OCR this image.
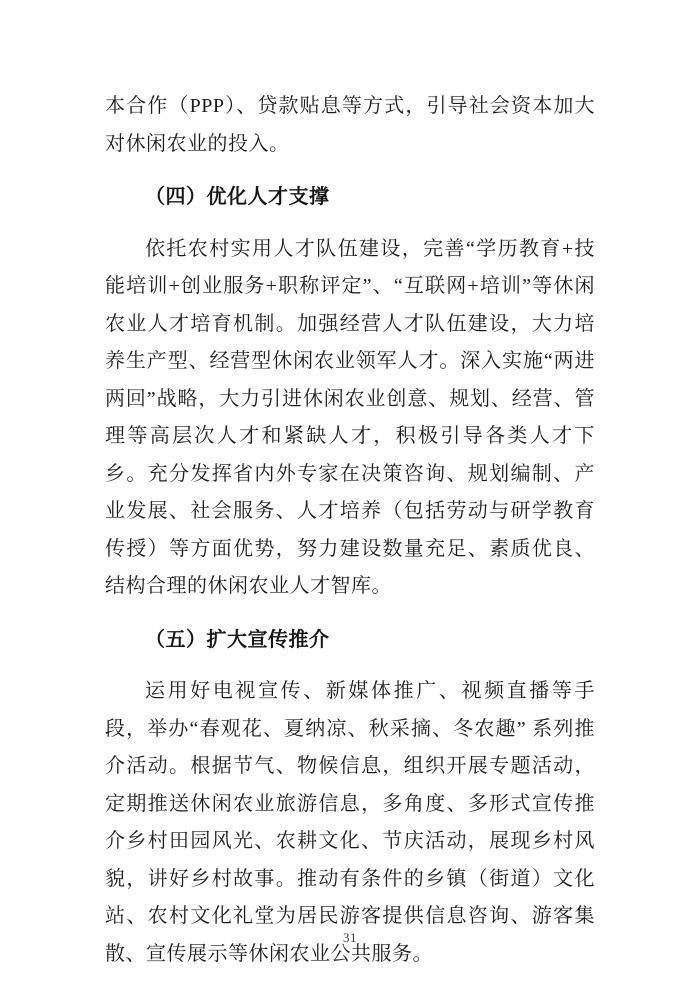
本合作（PPP）、贷款贴息等方式，引导社会资本加大对休闲农业的投入。

（四）优化人才支撑

依托农村实用人才队伍建设，完善“学历教育+技能培训+创业服务+职称评定”、“互联网+培训”等休闲农业人才培育机制。加强经营人才队伍建设，大力培养生产型、经营型休闲农业领军人才。深入实施“两进两回”战略，大力引进休闲农业创意、规划、经营、管理等高层次人才和紧缺人才，积极引导各类人才下乡。充分发挥省内外专家在决策咨询、规划编制、产业发展、社会服务、人才培养（包括劳动与研学教育传授）等方面优势，努力建设数量充足、素质优良、结构合理的休闲农业人才智库。

（五）扩大宣传推介

运用好电视宣传、新媒体推广、视频直播等手段，举办“春观花、夏纳凉、秋采摘、冬农趣” 系列推介活动。根据节气、物候信息，组织开展专题活动，定期推送休闲农业旅游信息，多角度、多形式宣传推介乡村田园风光、农耕文化、节庆活动，展现乡村风貌，讲好乡村故事。推动有条件的乡镇（街道）文化站、农村文化礼堂为居民游客提供信息咨询、游客集散、宣传展示等休闲农业公共服务。

31
